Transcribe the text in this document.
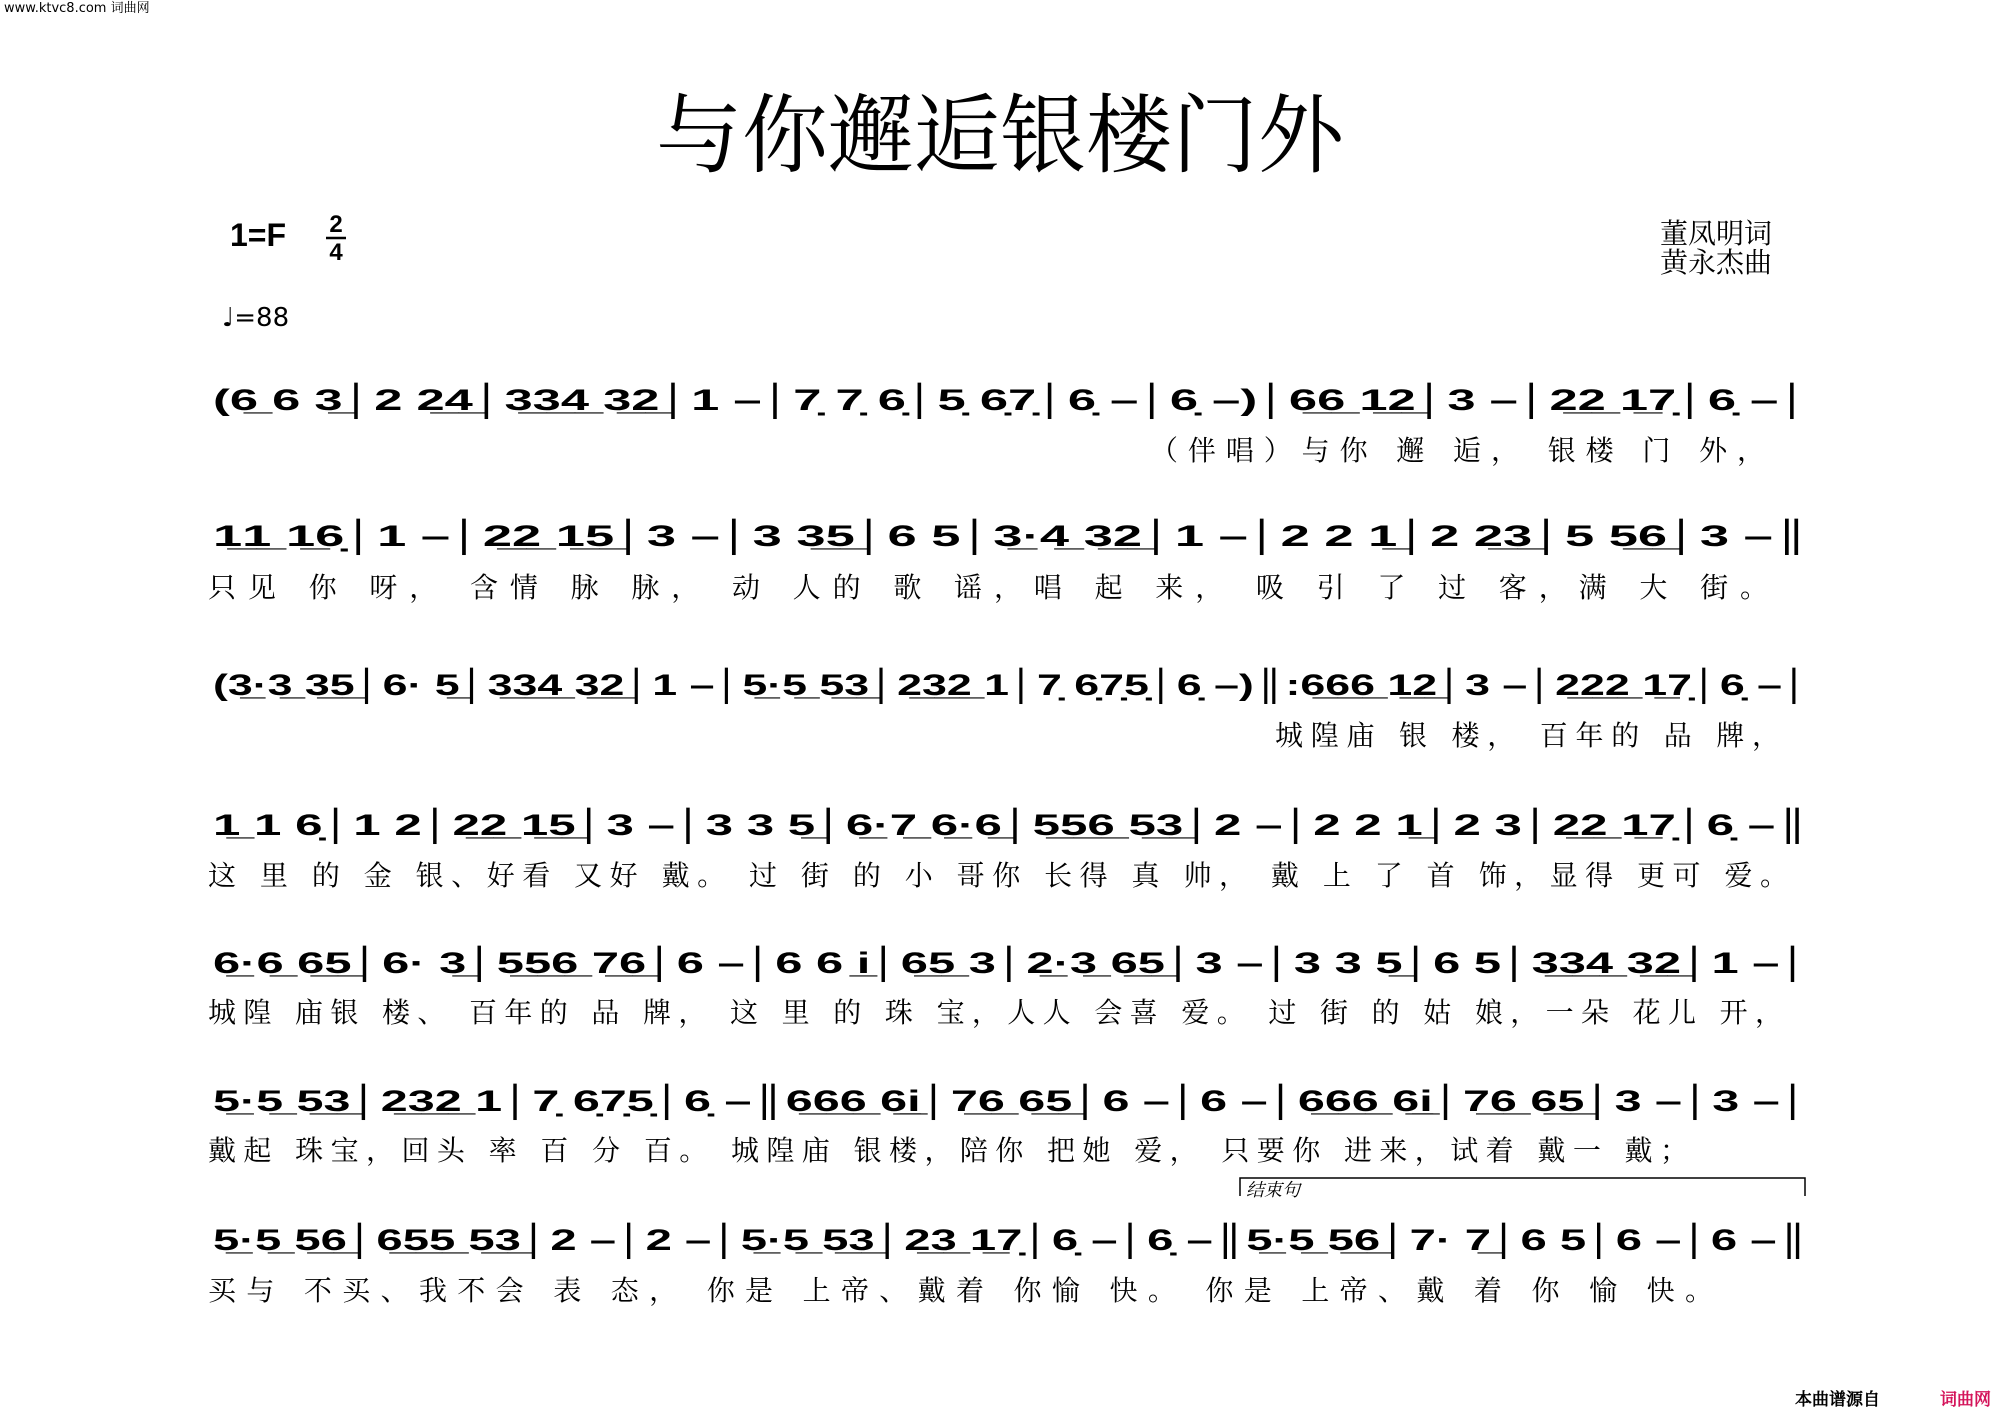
www.ktvc8.com 词曲网
与你邂逅银楼门外
1=F 2
4
♩=88
董凤明词
黄永杰曲
(6̲ 6 3̲│2 2̲4̲│3̲3̲4̲ 3̲2̲│1 –│7̣ 7̣ 6̣│5̣ 6̣7̣│6̣ –│6̣ –)│6̲6̲ 1̲2̲│3 –│2̲2̲ 1̲7̣│6̣ –│
（伴唱）与你 邂 逅， 银楼 门 外，
1̲1̲ 1̲6̣│1 –│2̲2̲ 1̲5̲│3 –│3 3̲5̲│6 5│3̲·4̲ 3̲2̲│1 –│2 2 1̲│2 2̲3̲│5 5̲6̲│3 –║
只见 你 呀， 含情 脉 脉， 动 人的 歌 谣，唱 起 来， 吸 引 了 过 客，满 大 街。
(3̲·3̲ 3̲5̲│6· 5̲│3̲3̲4̲ 3̲2̲│1 –│5̲·5̲ 5̲3̲│2̲3̲2̲ 1│7̣ 6̣7̣5̣│6̣ –)║:6̲6̲6̲ 1̲2̲│3 –│2̲2̲2̲ 1̲7̣│6̣ –│
城隍庙 银 楼， 百年的 品 牌，
1̲ 1 6̣│1 2│2̲2̲ 1̲5̲│3 –│3 3 5̲│6̲·7̲ 6̲·6̲│5̲5̲6̲ 5̲3̲│2 –│2 2 1̲│2 3│2̲2̲ 1̲7̣│6̣ –║
这 里 的 金 银、好看 又好 戴。 过 街 的 小 哥你 长得 真 帅， 戴 上 了 首 饰，显得 更可 爱。
6̲·6̲ 6̲5̲│6· 3̲│5̲5̲6̲ 7̲6̲│6 –│6 6 i̲│6̲5̲ 3│2̲·3̲ 6̲5̲│3 –│3 3 5̲│6 5│3̲3̲4̲ 3̲2̲│1 –│
城隍 庙银 楼、 百年的 品 牌， 这 里 的 珠 宝，人人 会喜 爱。 过 街 的 姑 娘，一朵 花儿 开，
5̲·5̲ 5̲3̲│2̲3̲2̲ 1│7̣ 6̣7̣5̣│6̣ –║6̲6̲6̲ 6̲i̲│7̲6̲ 6̲5̲│6 –│6 –│6̲6̲6̲ 6̲i̲│7̲6̲ 6̲5̲│3 –│3 –│
戴起 珠宝，回头 率 百 分 百。 城隍庙 银楼，陪你 把她 爱， 只要你 进来，试着 戴一 戴；
结束句
5̲·5̲ 5̲6̲│6̲5̲5̲ 5̲3̲│2 –│2 –│5̲·5̲ 5̲3̲│2̲3̲ 1̲7̣│6̣ –│6̣ –║5̲·5̲ 5̲6̲│7· 7̲│6 5│6 –│6 –║
买与 不买、我不会 表 态， 你是 上帝、戴着 你愉 快。 你是 上帝、戴 着 你 愉 快。
本曲谱源自	词曲网
